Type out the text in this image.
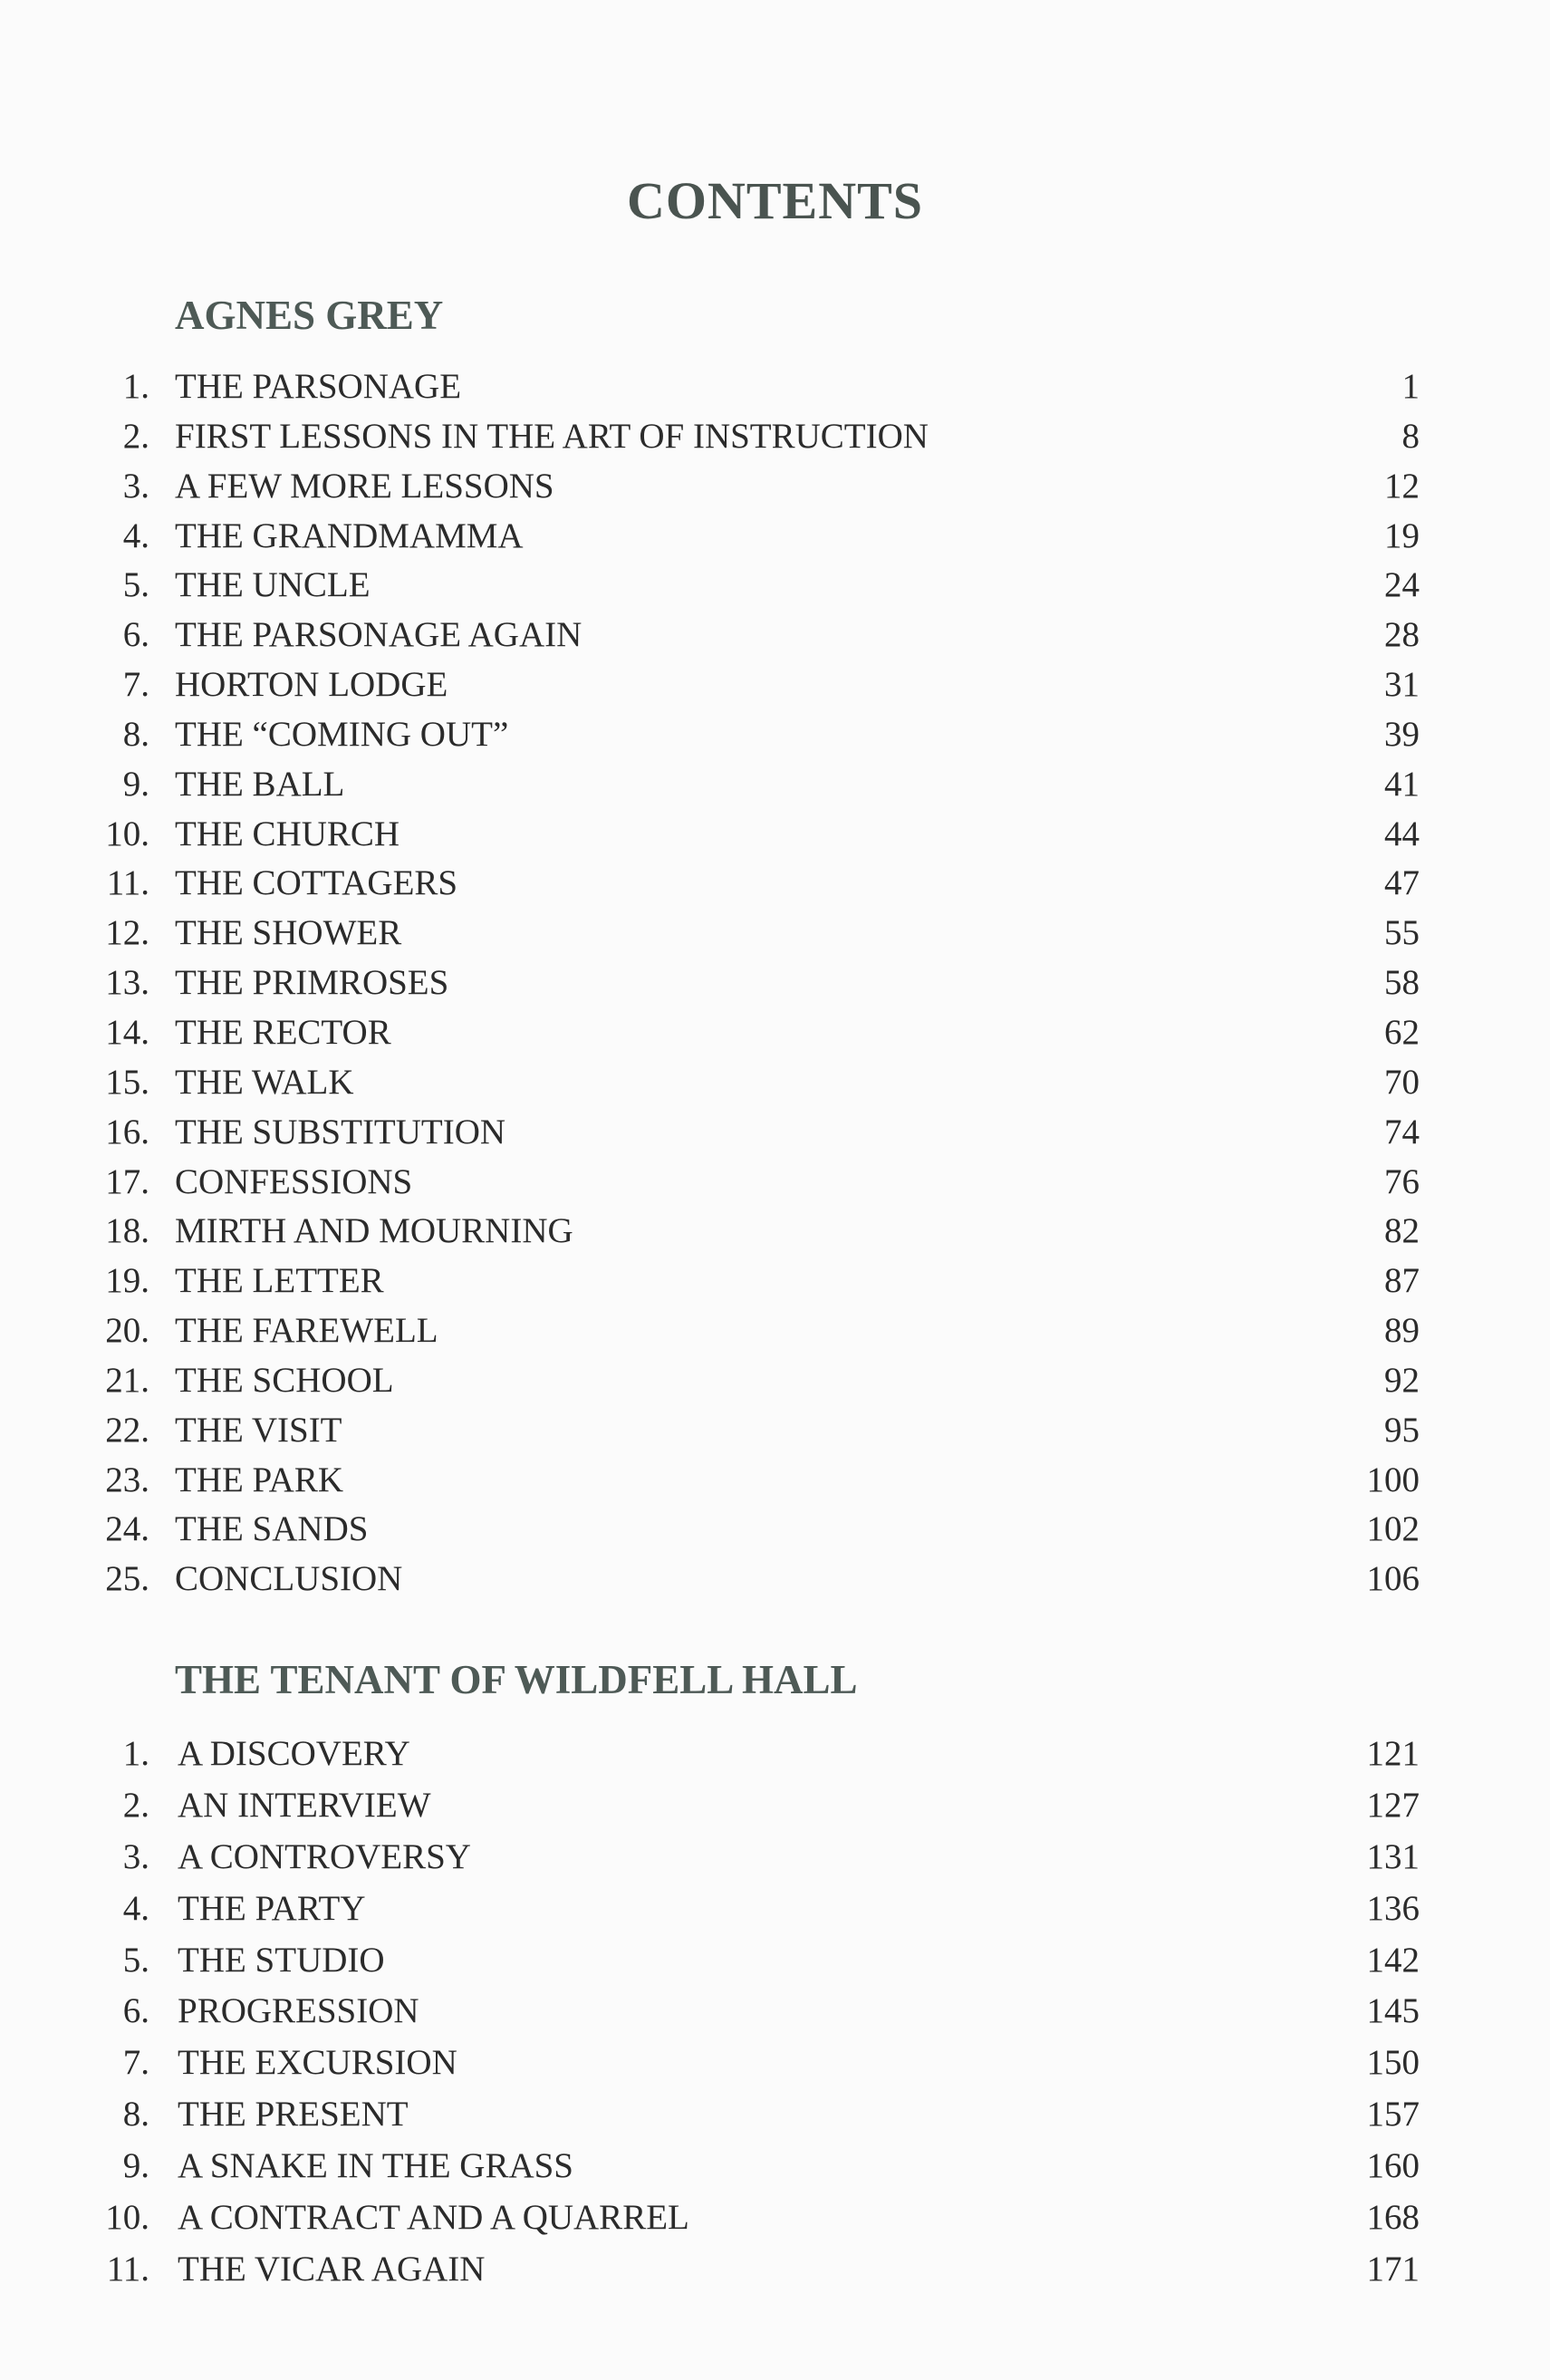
CONTENTS
AGNES GREY
1. THE PARSONAGE	1
2. FIRST LESSONS IN THE ART OF INSTRUCTION	8
3. A FEW MORE LESSONS	12
4. THE GRANDMAMMA	19
5. THE UNCLE	24
6. THE PARSONAGE AGAIN	28
7. HORTON LODGE	31
8. THE “COMING OUT”	39
9. THE BALL	41
10. THE CHURCH	44
11. THE COTTAGERS	47
12. THE SHOWER	55
13. THE PRIMROSES	58
14. THE RECTOR	62
15. THE WALK	70
16. THE SUBSTITUTION	74
17. CONFESSIONS	76
18. MIRTH AND MOURNING	82
19. THE LETTER	87
20. THE FAREWELL	89
21. THE SCHOOL	92
22. THE VISIT	95
23. THE PARK	100
24. THE SANDS	102
25. CONCLUSION	106
THE TENANT OF WILDFELL HALL
1. A DISCOVERY	121
2. AN INTERVIEW	127
3. A CONTROVERSY	131
4. THE PARTY	136
5. THE STUDIO	142
6. PROGRESSION	145
7. THE EXCURSION	150
8. THE PRESENT	157
9. A SNAKE IN THE GRASS	160
10. A CONTRACT AND A QUARREL	168
11. THE VICAR AGAIN	171
